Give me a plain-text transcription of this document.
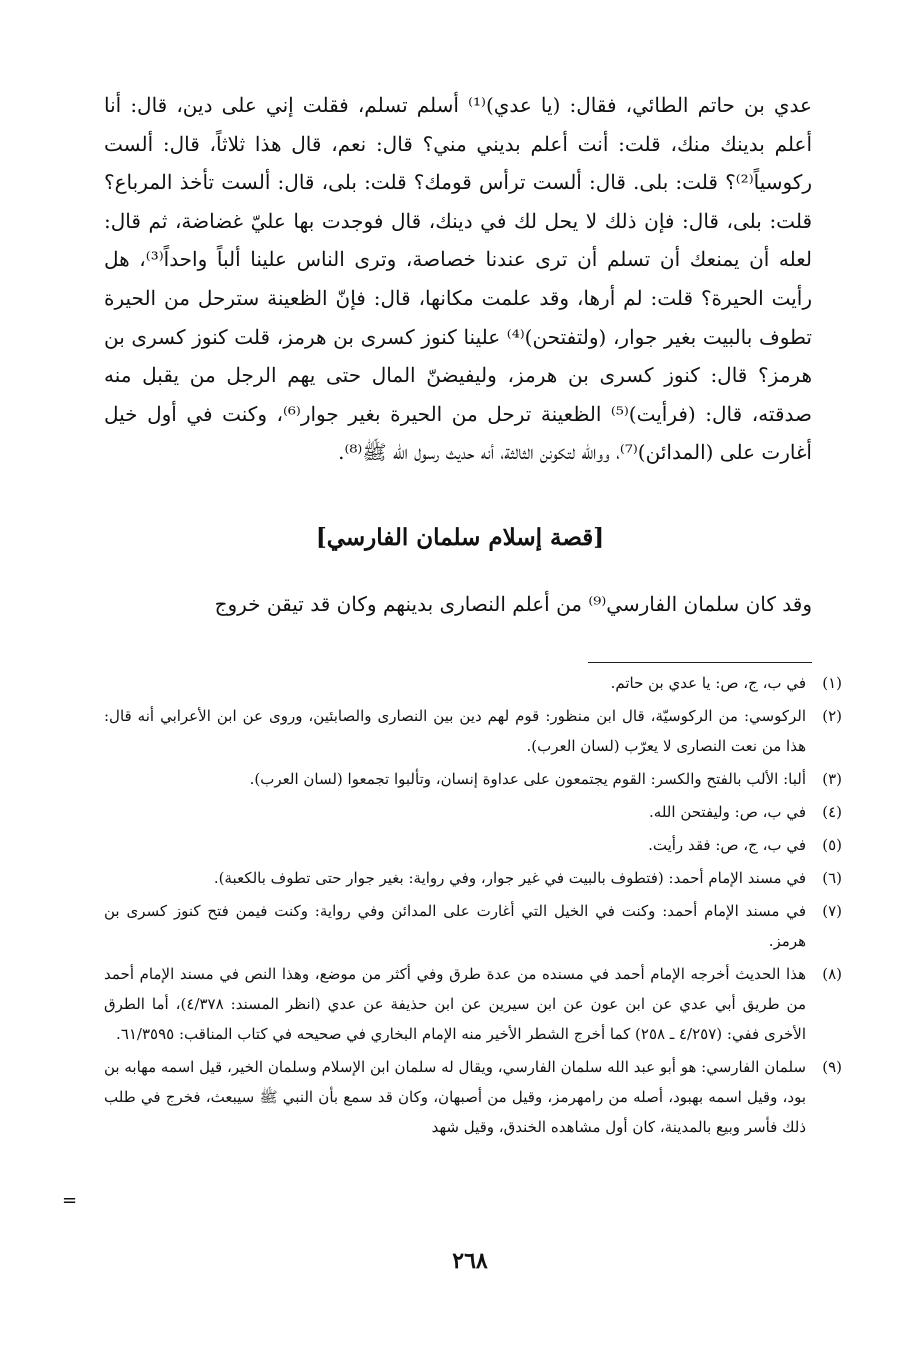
عدي بن حاتم الطائي، فقال: (يا عدي)⁽¹⁾ أسلم تسلم، فقلت إني على دين، قال: أنا أعلم بدينك منك، قلت: أنت أعلم بديني مني؟ قال: نعم، قال هذا ثلاثاً، قال: ألست ركوسياً⁽²⁾؟ قلت: بلى. قال: ألست ترأس قومك؟ قلت: بلى، قال: ألست تأخذ المرباع؟ قلت: بلى، قال: فإن ذلك لا يحل لك في دينك، قال فوجدت بها عليّ غضاضة، ثم قال: لعله أن يمنعك أن تسلم أن ترى عندنا خصاصة، وترى الناس علينا ألباً واحداً⁽³⁾، هل رأيت الحيرة؟ قلت: لم أرها، وقد علمت مكانها، قال: فإنّ الظعينة سترحل من الحيرة تطوف بالبيت بغير جوار، (ولتفتحن)⁽⁴⁾ علينا كنوز كسرى بن هرمز، قلت كنوز كسرى بن هرمز؟ قال: كنوز كسرى بن هرمز، وليفيضنّ المال حتى يهم الرجل من يقبل منه صدقته، قال: (فرأيت)⁽⁵⁾ الظعينة ترحل من الحيرة بغير جوار⁽⁶⁾، وكنت في أول خيل أغارت على (المدائن)⁽⁷⁾، ووالله لتكونن الثالثة، أنه حديث رسول الله ﷺ⁽⁸⁾.

[قصة إسلام سلمان الفارسي]
وقد كان سلمان الفارسي⁽⁹⁾ من أعلم النصارى بدينهم وكان قد تيقن خروج
(١)
في ب، ج، ص: يا عدي بن حاتم.
(٢)
الركوسي: من الركوسيّة، قال ابن منظور: قوم لهم دين بين النصارى والصابئين، وروى عن ابن الأعرابي أنه قال: هذا من نعت النصارى لا يعرّب (لسان العرب).
(٣)
ألبا: الألب بالفتح والكسر: القوم يجتمعون على عداوة إنسان، وتألبوا تجمعوا (لسان العرب).
(٤)
في ب، ص: وليفتحن الله.
(٥)
في ب، ج، ص: فقد رأيت.
(٦)
في مسند الإمام أحمد: (فتطوف بالبيت في غير جوار، وفي رواية: بغير جوار حتى تطوف بالكعبة).
(٧)
في مسند الإمام أحمد: وكنت في الخيل التي أغارت على المدائن وفي رواية: وكنت فيمن فتح كنوز كسرى بن هرمز.
(٨)
هذا الحديث أخرجه الإمام أحمد في مسنده من عدة طرق وفي أكثر من موضع، وهذا النص في مسند الإمام أحمد من طريق أبي عدي عن ابن عون عن ابن سيرين عن ابن حذيفة عن عدي (انظر المسند: ٤/٣٧٨)، أما الطرق الأخرى ففي: (٤/٢٥٧ ـ ٢٥٨) كما أخرج الشطر الأخير منه الإمام البخاري في صحيحه في كتاب المناقب: ٦١/٣٥٩٥.
(٩)
سلمان الفارسي: هو أبو عبد الله سلمان الفارسي، ويقال له سلمان ابن الإسلام وسلمان الخير، قيل اسمه مهابه بن بود، وقيل اسمه بهبود، أصله من رامهرمز، وقيل من أصبهان، وكان قد سمع بأن النبي ﷺ سيبعث، فخرج في طلب ذلك فأسر وبيع بالمدينة، كان أول مشاهده الخندق، وقيل شهد
=
٢٦٨
